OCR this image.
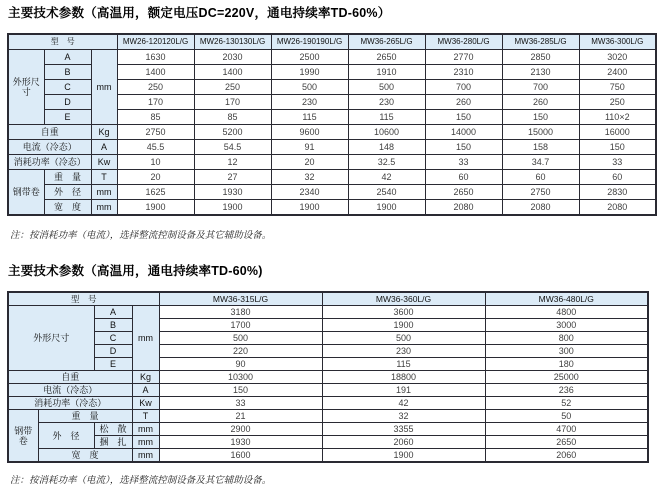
主要技术参数（高温用，额定电压DC=220V，通电持续率TD-60%）
型　号			MW26-120120L/G	MW26-130130L/G	MW26-190190L/G	MW36-265L/G	MW36-280L/G	MW36-285L/G	MW36-300L/G
外形尺寸	A	mm	1630	2030	2500	2650	2770	2850	3020
	B		1400	1400	1990	1910	2310	2130	2400
	C		250	250	500	500	700	700	750
	D		170	170	230	230	260	260	250
	E		85	85	115	115	150	150	110×2
自重		Kg	2750	5200	9600	10600	14000	15000	16000
电流（冷态）		A	45.5	54.5	91	148	150	158	150
消耗功率（冷态）		Kw	10	12	20	32.5	33	34.7	33
钢带卷	重　量	T	20	27	32	42	60	60	60
	外　径	mm	1625	1930	2340	2540	2650	2750	2830
	宽　度	mm	1900	1900	1900	1900	2080	2080	2080
注：按消耗功率（电流），选择整流控制设备及其它辅助设备。
主要技术参数（高温用，通电持续率TD-60%)
型　号				MW36-315L/G	MW36-360L/G	MW36-480L/G
外形尺寸		A	mm	3180	3600	4800
		B		1700	1900	3000
		C		500	500	800
		D		220	230	300
		E		90	115	180
自重			Kg	10300	18800	25000
电流（冷态）			A	150	191	236
消耗功率（冷态）			Kw	33	42	52
钢带卷	重　量		T	21	32	50
	外　径	松　散	mm	2900	3355	4700
		捆　扎	mm	1930	2060	2650
	宽　度		mm	1600	1900	2060
注：按消耗功率（电流），选择整流控制设备及其它辅助设备。
